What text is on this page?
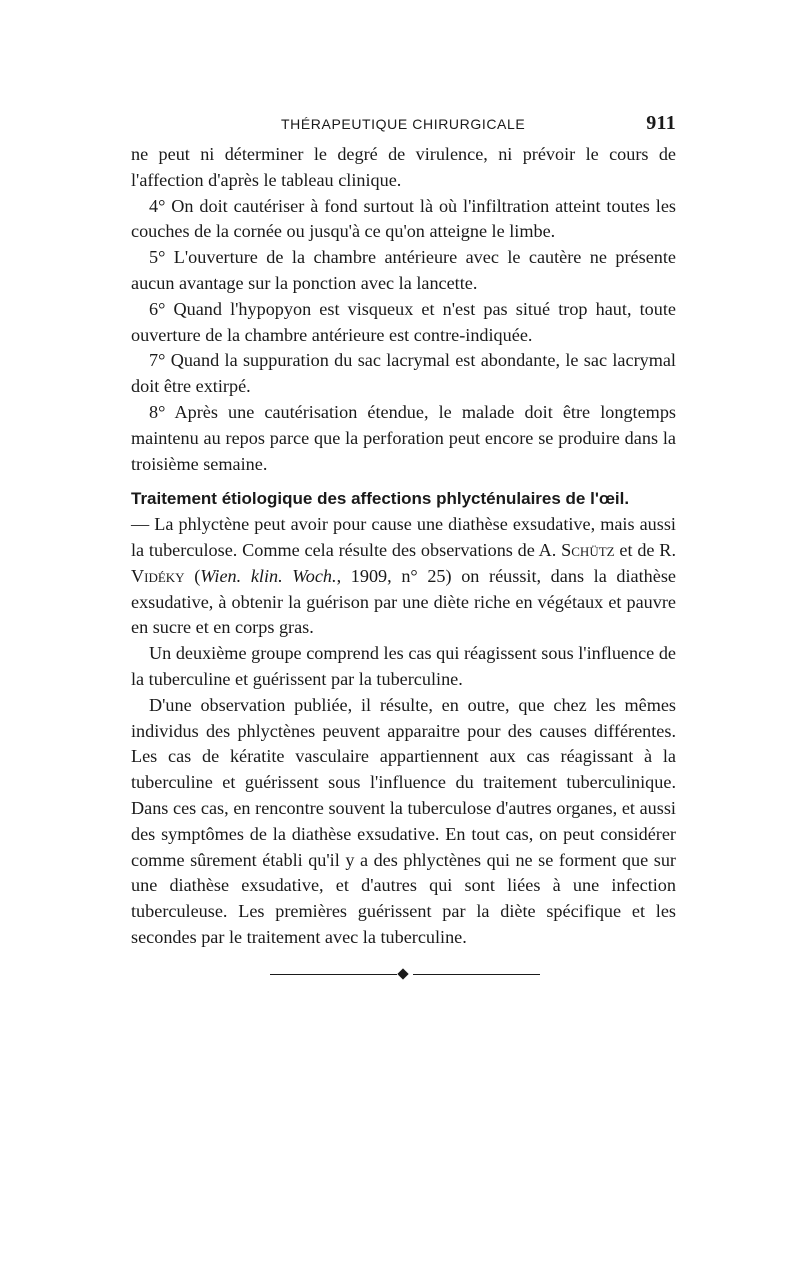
THÉRAPEUTIQUE CHIRURGICALE	911

ne peut ni déterminer le degré de virulence, ni prévoir le cours de l'affection d'après le tableau clinique.

4° On doit cautériser à fond surtout là où l'infiltration atteint toutes les couches de la cornée ou jusqu'à ce qu'on atteigne le limbe.

5° L'ouverture de la chambre antérieure avec le cautère ne présente aucun avantage sur la ponction avec la lancette.

6° Quand l'hypopyon est visqueux et n'est pas situé trop haut, toute ouverture de la chambre antérieure est contre-indiquée.

7° Quand la suppuration du sac lacrymal est abondante, le sac lacrymal doit être extirpé.

8° Après une cautérisation étendue, le malade doit être longtemps maintenu au repos parce que la perforation peut encore se produire dans la troisième semaine.

Traitement étiologique des affections phlycténulaires de l'œil.
— La phlyctène peut avoir pour cause une diathèse exsudative, mais aussi la tuberculose. Comme cela résulte des observations de A. Schütz et de R. Vidéky (Wien. klin. Woch., 1909, n° 25) on réussit, dans la diathèse exsudative, à obtenir la guérison par une diète riche en végétaux et pauvre en sucre et en corps gras.

Un deuxième groupe comprend les cas qui réagissent sous l'influence de la tuberculine et guérissent par la tuberculine.

D'une observation publiée, il résulte, en outre, que chez les mêmes individus des phlyctènes peuvent apparaitre pour des causes différentes. Les cas de kératite vasculaire appartiennent aux cas réagissant à la tuberculine et guérissent sous l'influence du traitement tuberculinique. Dans ces cas, en rencontre souvent la tuberculose d'autres organes, et aussi des symptômes de la diathèse exsudative. En tout cas, on peut considérer comme sûrement établi qu'il y a des phlyctènes qui ne se forment que sur une diathèse exsudative, et d'autres qui sont liées à une infection tuberculeuse. Les premières guérissent par la diète spécifique et les secondes par le traitement avec la tuberculine.
